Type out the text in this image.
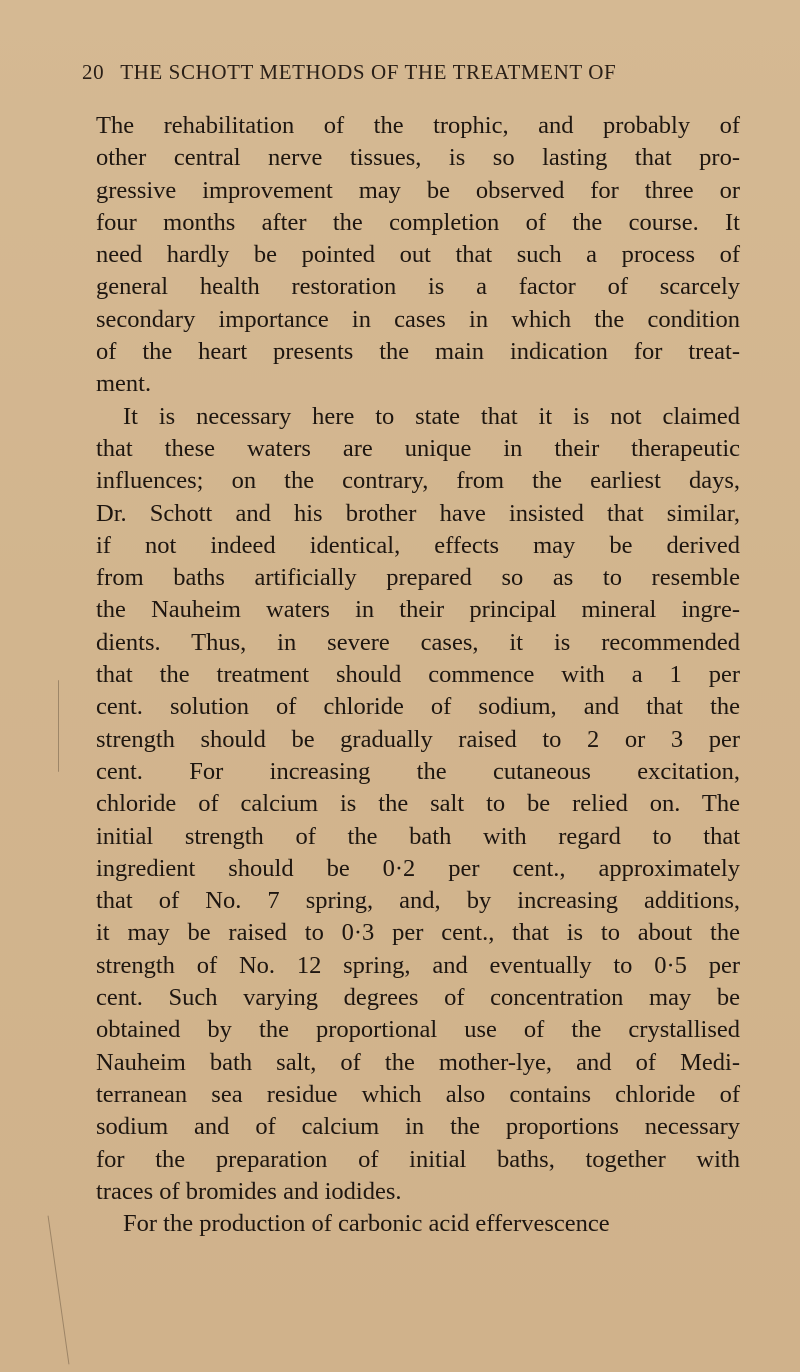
20 THE SCHOTT METHODS OF THE TREATMENT OF
The rehabilitation of the trophic, and probably of
other central nerve tissues, is so lasting that pro-
gressive improvement may be observed for three or
four months after the completion of the course. It
need hardly be pointed out that such a process of
general health restoration is a factor of scarcely
secondary importance in cases in which the condition
of the heart presents the main indication for treat-
ment.
It is necessary here to state that it is not claimed
that these waters are unique in their therapeutic
influences; on the contrary, from the earliest days,
Dr. Schott and his brother have insisted that similar,
if not indeed identical, effects may be derived
from baths artificially prepared so as to resemble
the Nauheim waters in their principal mineral ingre-
dients. Thus, in severe cases, it is recommended
that the treatment should commence with a 1 per
cent. solution of chloride of sodium, and that the
strength should be gradually raised to 2 or 3 per
cent. For increasing the cutaneous excitation,
chloride of calcium is the salt to be relied on. The
initial strength of the bath with regard to that
ingredient should be 0·2 per cent., approximately
that of No. 7 spring, and, by increasing additions,
it may be raised to 0·3 per cent., that is to about the
strength of No. 12 spring, and eventually to 0·5 per
cent. Such varying degrees of concentration may be
obtained by the proportional use of the crystallised
Nauheim bath salt, of the mother-lye, and of Medi-
terranean sea residue which also contains chloride of
sodium and of calcium in the proportions necessary
for the preparation of initial baths, together with
traces of bromides and iodides.
For the production of carbonic acid effervescence
